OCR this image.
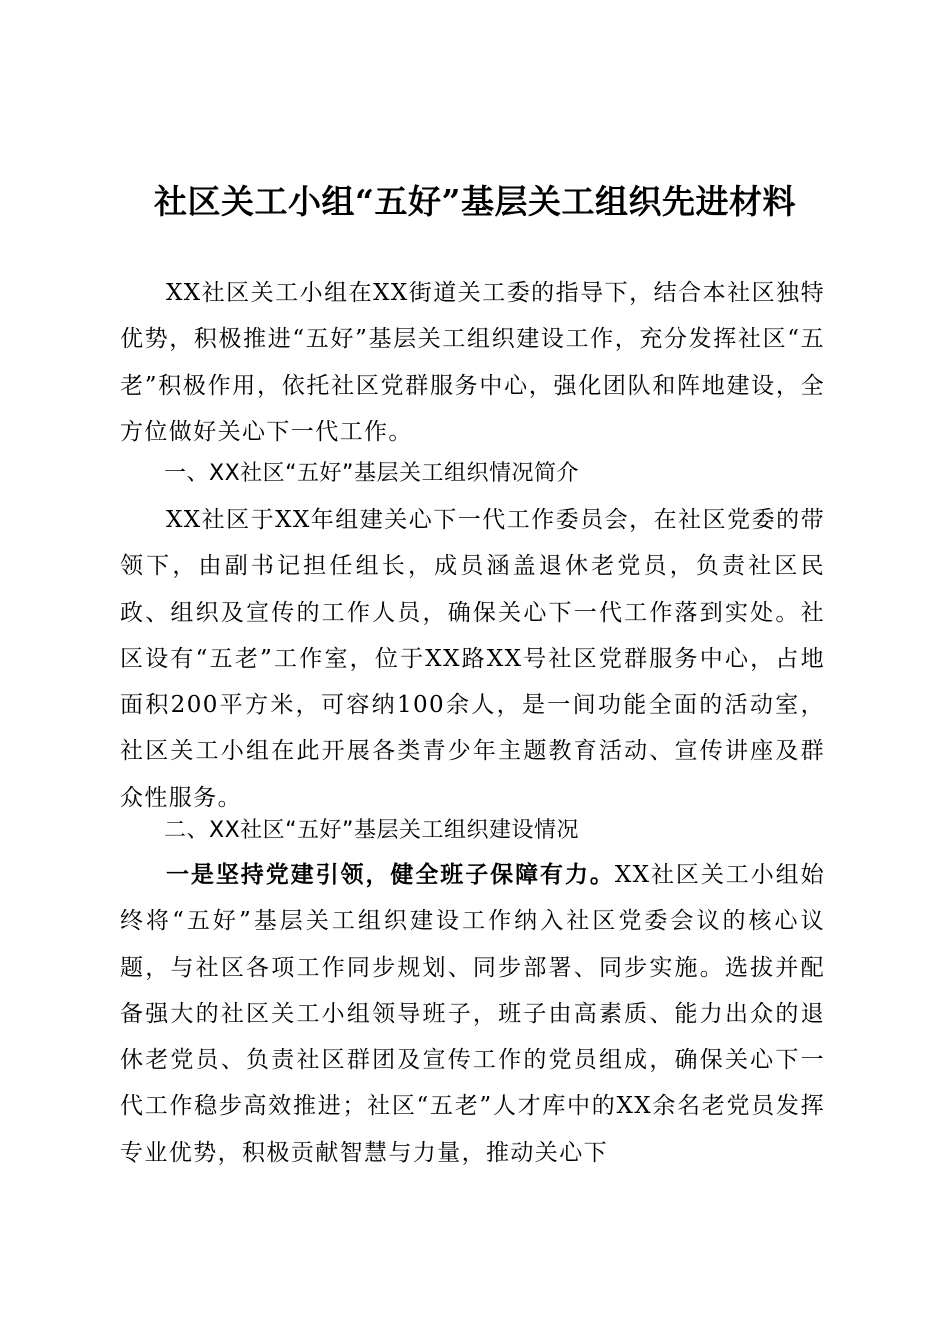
社区关工小组“五好”基层关工组织先进材料

XX社区关工小组在XX街道关工委的指导下，结合本社区独特优势，积极推进“五好”基层关工组织建设工作，充分发挥社区“五老”积极作用，依托社区党群服务中心，强化团队和阵地建设，全方位做好关心下一代工作。

一、XX社区“五好”基层关工组织情况简介

XX社区于XX年组建关心下一代工作委员会，在社区党委的带领下，由副书记担任组长，成员涵盖退休老党员，负责社区民政、组织及宣传的工作人员，确保关心下一代工作落到实处。社区设有“五老”工作室，位于XX路XX号社区党群服务中心，占地面积200平方米，可容纳100余人，是一间功能全面的活动室，社区关工小组在此开展各类青少年主题教育活动、宣传讲座及群众性服务。

二、XX社区“五好”基层关工组织建设情况

一是坚持党建引领，健全班子保障有力。XX社区关工小组始终将“五好”基层关工组织建设工作纳入社区党委会议的核心议题，与社区各项工作同步规划、同步部署、同步实施。选拔并配备强大的社区关工小组领导班子，班子由高素质、能力出众的退休老党员、负责社区群团及宣传工作的党员组成，确保关心下一代工作稳步高效推进；社区“五老”人才库中的XX余名老党员发挥专业优势，积极贡献智慧与力量，推动关心下
